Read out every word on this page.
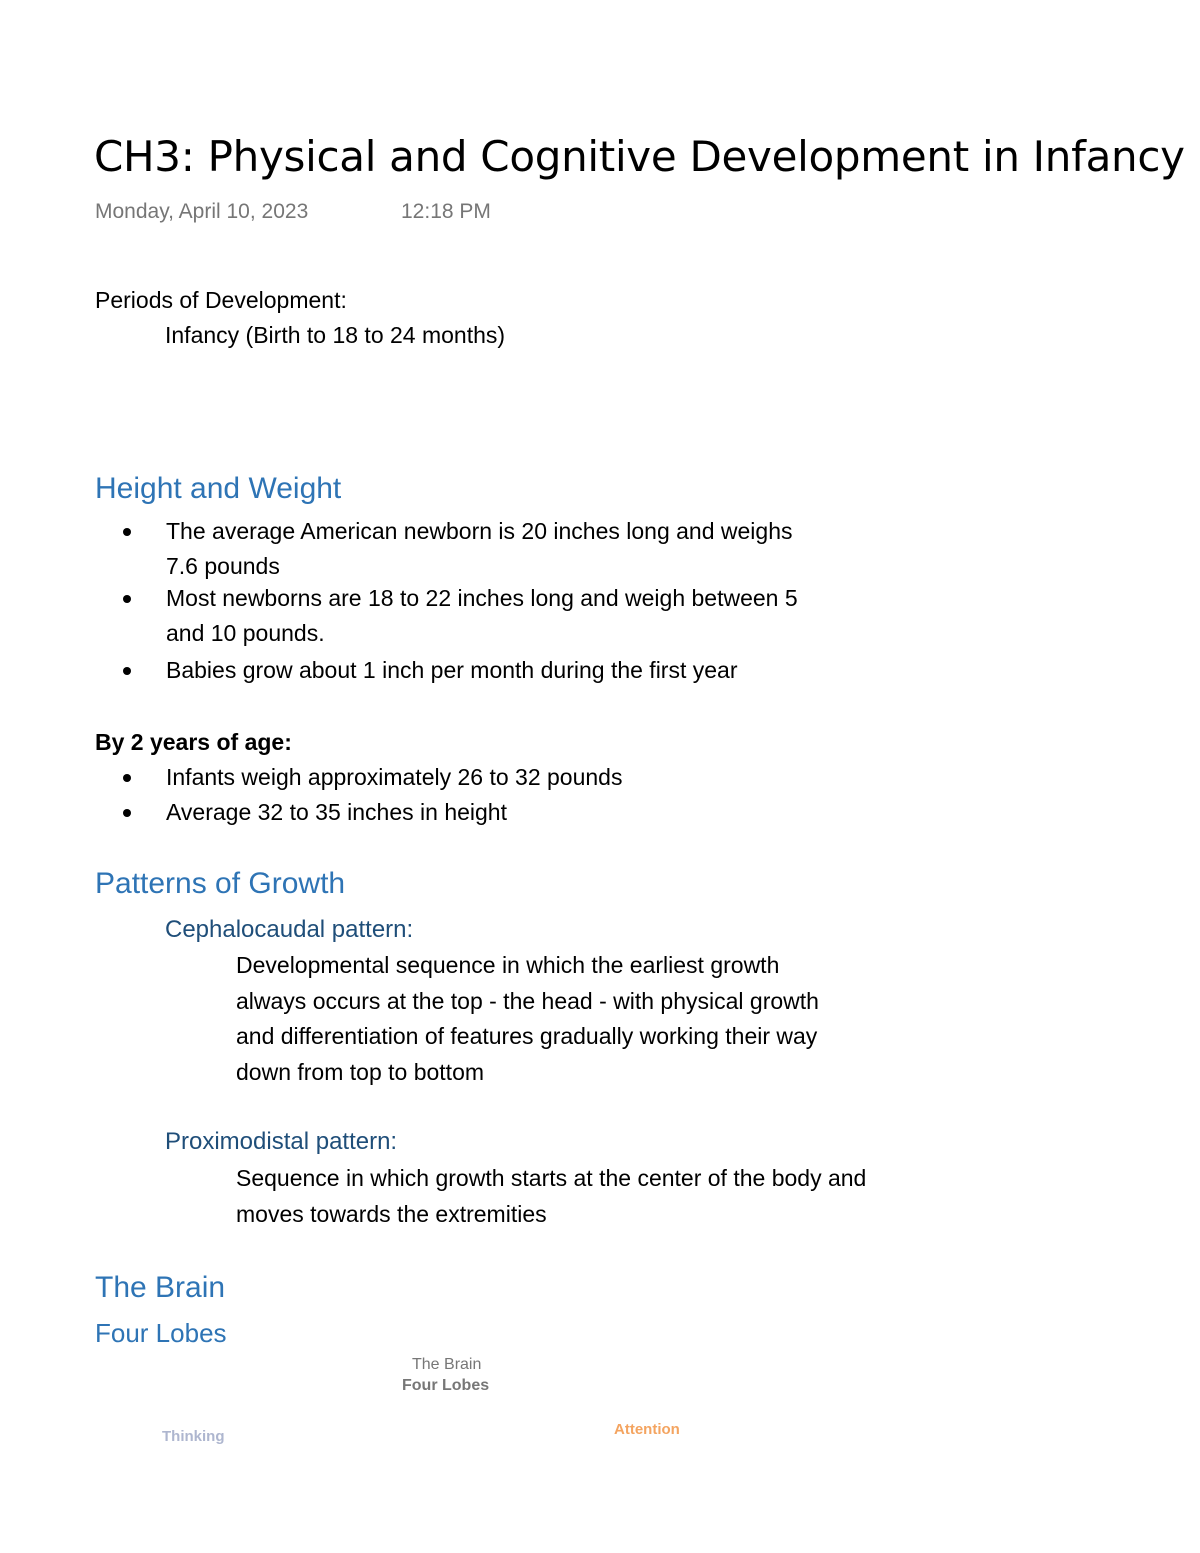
CH3: Physical and Cognitive Development in Infancy
Monday, April 10, 2023	12:18 PM
Periods of Development:
Infancy (Birth to 18 to 24 months)
Height and Weight
The average American newborn is 20 inches long and weighs 7.6 pounds
Most newborns are 18 to 22 inches long and weigh between 5 and 10 pounds.
Babies grow about 1 inch per month during the first year
By 2 years of age:
Infants weigh approximately 26 to 32 pounds
Average 32 to 35 inches in height
Patterns of Growth
Cephalocaudal pattern:
Developmental sequence in which the earliest growth always occurs at the top - the head - with physical growth and differentiation of features gradually working their way down from top to bottom
Proximodistal pattern:
Sequence in which growth starts at the center of the body and moves towards the extremities
The Brain
Four Lobes
The Brain
Four Lobes
Thinking	Attention
